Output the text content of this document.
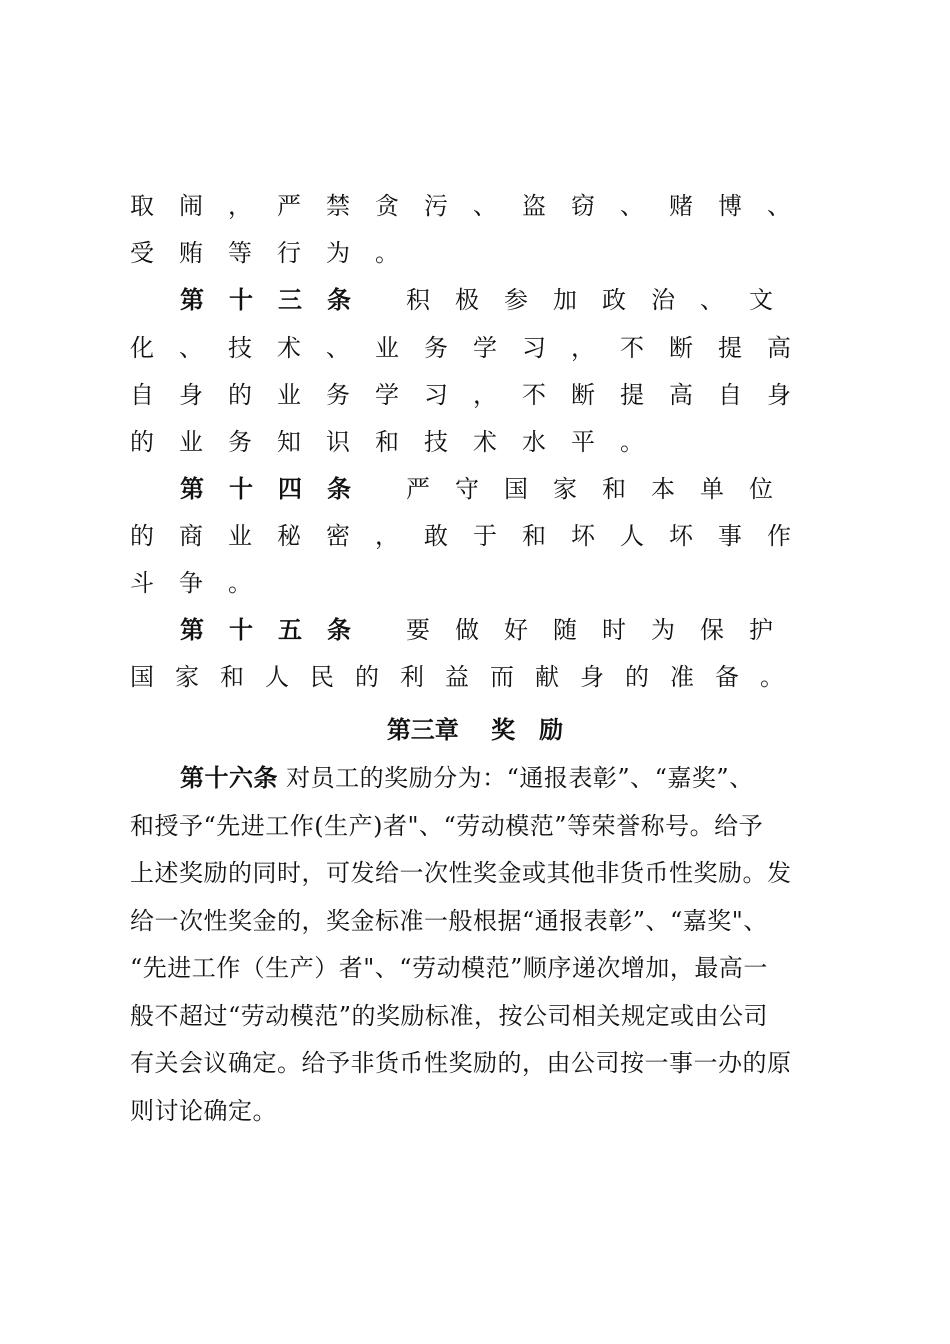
取闹，严禁贪污、盗窃、赌博、
受贿等行为。
第十三条 积极参加政治、文
化、技术、业务学习，不断提高
自身的业务学习，不断提高自身
的业务知识和技术水平。
第十四条 严守国家和本单位
的商业秘密，敢于和坏人坏事作
斗争。
第十五条 要做好随时为保护
国家和人民的利益而献身的准备。
第三章　 奖　励
第十六条 对员工的奖励分为：“通报表彰”、“嘉奖”、
和授予“先进工作(生产)者"、“劳动模范”等荣誉称号。给予
上述奖励的同时，可发给一次性奖金或其他非货币性奖励。发
给一次性奖金的，奖金标准一般根据“通报表彰”、“嘉奖"、
“先进工作（生产）者"、“劳动模范”顺序递次增加，最高一
般不超过“劳动模范”的奖励标准，按公司相关规定或由公司
有关会议确定。给予非货币性奖励的，由公司按一事一办的原
则讨论确定。
